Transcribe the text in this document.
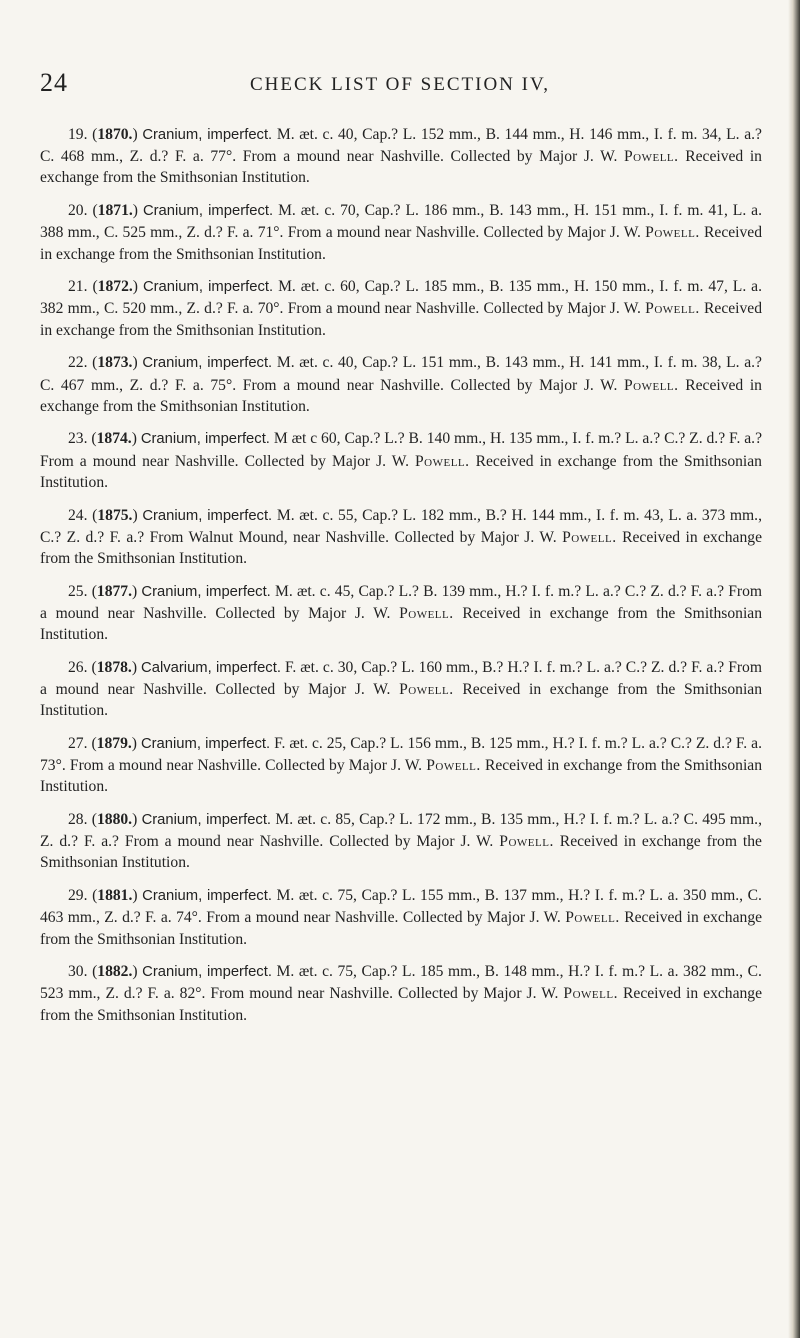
24	CHECK LIST OF SECTION IV,

19. (1870.) Cranium, imperfect. M. æt. c. 40, Cap.? L. 152 mm., B. 144 mm., H. 146 mm., I. f. m. 34, L. a.? C. 468 mm., Z. d.? F. a. 77°. From a mound near Nashville. Collected by Major J. W. Powell. Received in exchange from the Smithsonian Institution.

20. (1871.) Cranium, imperfect. M. æt. c. 70, Cap.? L. 186 mm., B. 143 mm., H. 151 mm., I. f. m. 41, L. a. 388 mm., C. 525 mm., Z. d.? F. a. 71°. From a mound near Nashville. Collected by Major J. W. Powell. Received in exchange from the Smithsonian Institution.

21. (1872.) Cranium, imperfect. M. æt. c. 60, Cap.? L. 185 mm., B. 135 mm., H. 150 mm., I. f. m. 47, L. a. 382 mm., C. 520 mm., Z. d.? F. a. 70°. From a mound near Nashville. Collected by Major J. W. Powell. Received in exchange from the Smithsonian Institution.

22. (1873.) Cranium, imperfect. M. æt. c. 40, Cap.? L. 151 mm., B. 143 mm., H. 141 mm., I. f. m. 38, L. a.? C. 467 mm., Z. d.? F. a. 75°. From a mound near Nashville. Collected by Major J. W. Powell. Received in exchange from the Smithsonian Institution.

23. (1874.) Cranium, imperfect. M æt c 60, Cap.? L.? B. 140 mm., H. 135 mm., I. f. m.? L. a.? C.? Z. d.? F. a.? From a mound near Nashville. Collected by Major J. W. Powell. Received in exchange from the Smithsonian Institution.

24. (1875.) Cranium, imperfect. M. æt. c. 55, Cap.? L. 182 mm., B.? H. 144 mm., I. f. m. 43, L. a. 373 mm., C.? Z. d.? F. a.? From Walnut Mound, near Nashville. Collected by Major J. W. Powell. Received in exchange from the Smithsonian Institution.

25. (1877.) Cranium, imperfect. M. æt. c. 45, Cap.? L.? B. 139 mm., H.? I. f. m.? L. a.? C.? Z. d.? F. a.? From a mound near Nashville. Collected by Major J. W. Powell. Received in exchange from the Smithsonian Institution.

26. (1878.) Calvarium, imperfect. F. æt. c. 30, Cap.? L. 160 mm., B.? H.? I. f. m.? L. a.? C.? Z. d.? F. a.? From a mound near Nashville. Collected by Major J. W. Powell. Received in exchange from the Smithsonian Institution.

27. (1879.) Cranium, imperfect. F. æt. c. 25, Cap.? L. 156 mm., B. 125 mm., H.? I. f. m.? L. a.? C.? Z. d.? F. a. 73°. From a mound near Nashville. Collected by Major J. W. Powell. Received in exchange from the Smithsonian Institution.

28. (1880.) Cranium, imperfect. M. æt. c. 85, Cap.? L. 172 mm., B. 135 mm., H.? I. f. m.? L. a.? C. 495 mm., Z. d.? F. a.? From a mound near Nashville. Collected by Major J. W. Powell. Received in exchange from the Smithsonian Institution.

29. (1881.) Cranium, imperfect. M. æt. c. 75, Cap.? L. 155 mm., B. 137 mm., H.? I. f. m.? L. a. 350 mm., C. 463 mm., Z. d.? F. a. 74°. From a mound near Nashville. Collected by Major J. W. Powell. Received in exchange from the Smithsonian Institution.

30. (1882.) Cranium, imperfect. M. æt. c. 75, Cap.? L. 185 mm., B. 148 mm., H.? I. f. m.? L. a. 382 mm., C. 523 mm., Z. d.? F. a. 82°. From mound near Nashville. Collected by Major J. W. Powell. Received in exchange from the Smithsonian Institution.
